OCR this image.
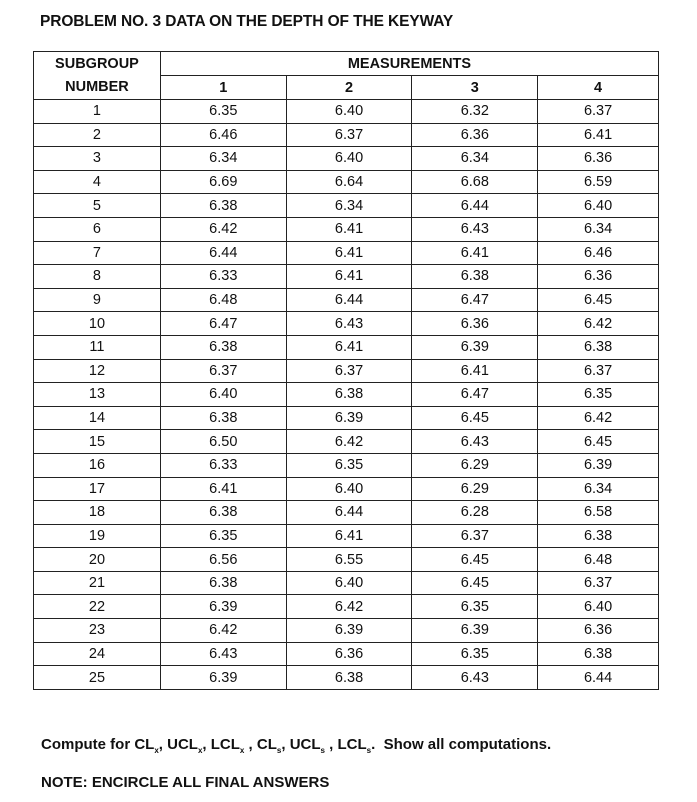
PROBLEM NO. 3 DATA ON THE DEPTH OF THE KEYWAY
SUBGROUP	MEASUREMENTS			
NUMBER	1	2	3	4
1	6.35	6.40	6.32	6.37
2	6.46	6.37	6.36	6.41
3	6.34	6.40	6.34	6.36
4	6.69	6.64	6.68	6.59
5	6.38	6.34	6.44	6.40
6	6.42	6.41	6.43	6.34
7	6.44	6.41	6.41	6.46
8	6.33	6.41	6.38	6.36
9	6.48	6.44	6.47	6.45
10	6.47	6.43	6.36	6.42
11	6.38	6.41	6.39	6.38
12	6.37	6.37	6.41	6.37
13	6.40	6.38	6.47	6.35
14	6.38	6.39	6.45	6.42
15	6.50	6.42	6.43	6.45
16	6.33	6.35	6.29	6.39
17	6.41	6.40	6.29	6.34
18	6.38	6.44	6.28	6.58
19	6.35	6.41	6.37	6.38
20	6.56	6.55	6.45	6.48
21	6.38	6.40	6.45	6.37
22	6.39	6.42	6.35	6.40
23	6.42	6.39	6.39	6.36
24	6.43	6.36	6.35	6.38
25	6.39	6.38	6.43	6.44
Compute for $CL_x$, $UCL_x$, $LCL_x$ , $CL_s$, $UCL_s$ , $LCL_s$.  Show all computations.
NOTE: ENCIRCLE ALL FINAL ANSWERS
